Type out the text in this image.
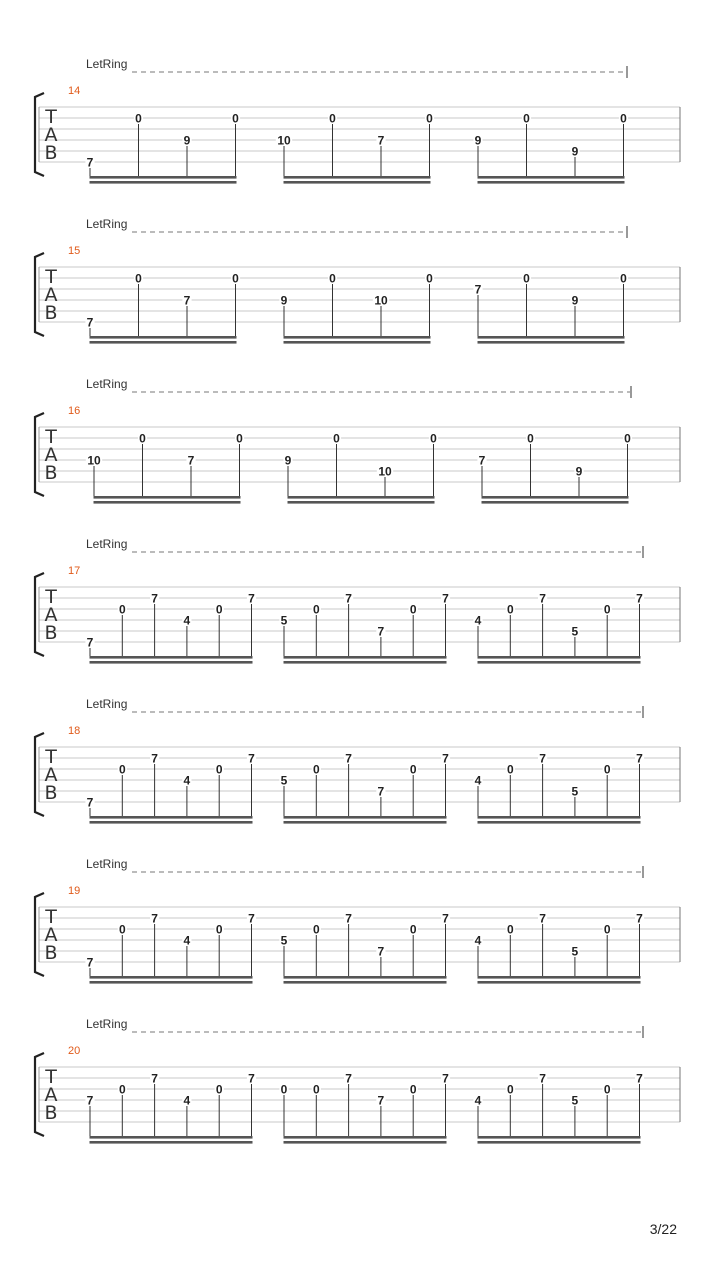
LetRing
14
T
A
B 7
0
9
0
10
0
7
0
9
0
9
0
LetRing
15
T
A
B 7
0
7
0
9
0
10
0
7
0
9
0
LetRing
16
T
A
B
10
0
7
0
9
0
10
0
7
0
9
0
LetRing
17
T
A
B 7
0
7
4
0
7
5
0
7
7
0
7
4
0
7
5
0
7
LetRing
18
T
A
B 7
0
7
4
0
7
5
0
7
7
0
7
4
0
7
5
0
7
LetRing
19
T
A
B 7
0
7
4
0
7
5
0
7
7
0
7
4
0
7
5
0
7
LetRing
20
T
A
B
7
0
7
4
0
7
0 0
7
7
0
7
4
0
7
5
0
7
3/22
